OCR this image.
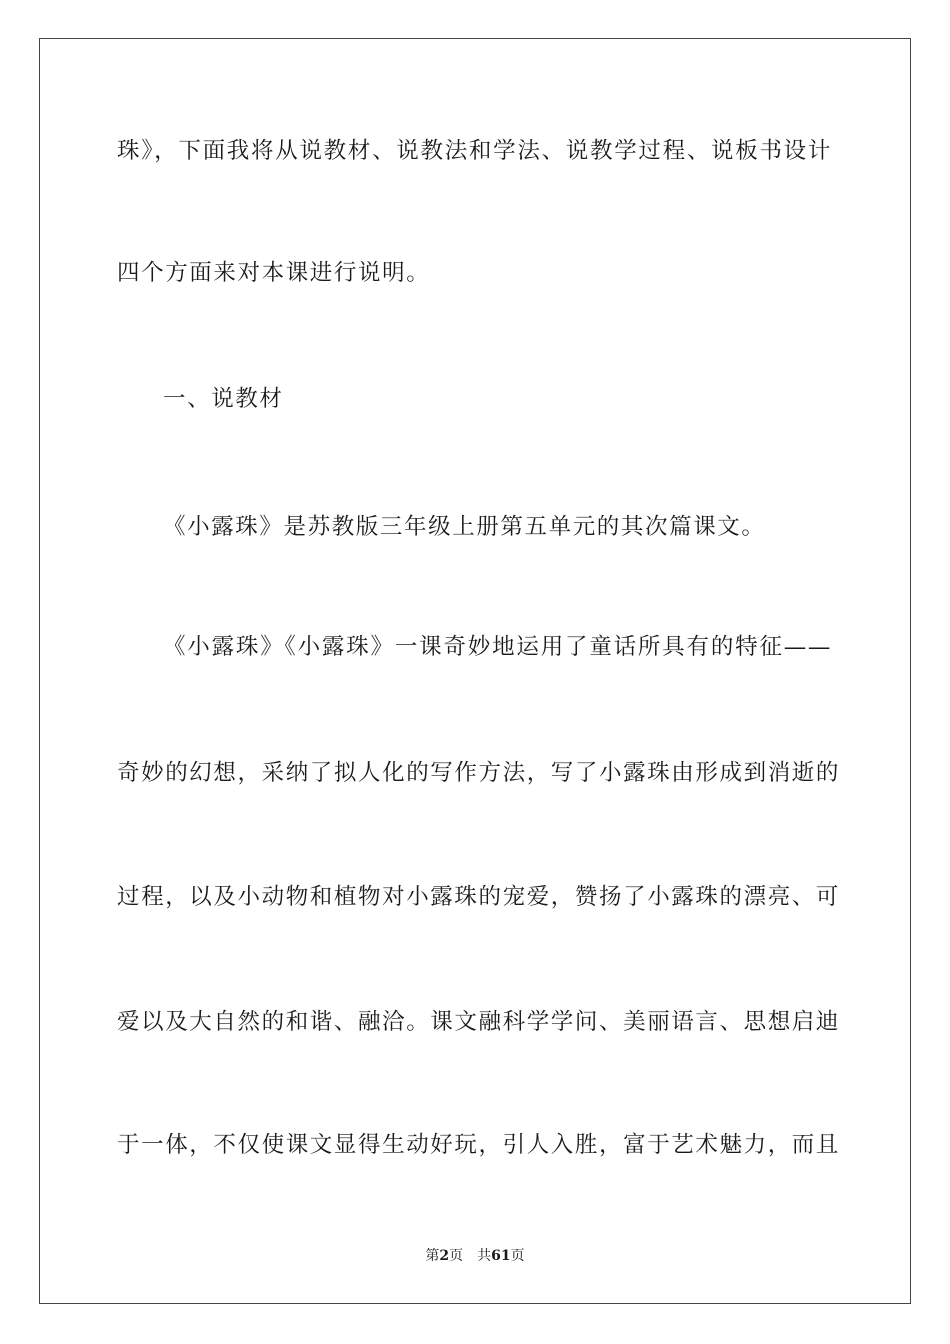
珠》，下面我将从说教材、说教法和学法、说教学过程、说板书设计
四个方面来对本课进行说明。
一、说教材
《小露珠》是苏教版三年级上册第五单元的其次篇课文。
《小露珠》《小露珠》一课奇妙地运用了童话所具有的特征——
奇妙的幻想，采纳了拟人化的写作方法，写了小露珠由形成到消逝的
过程，以及小动物和植物对小露珠的宠爱，赞扬了小露珠的漂亮、可
爱以及大自然的和谐、融洽。课文融科学学问、美丽语言、思想启迪
于一体，不仅使课文显得生动好玩，引人入胜，富于艺术魅力，而且
第2页 共61页
